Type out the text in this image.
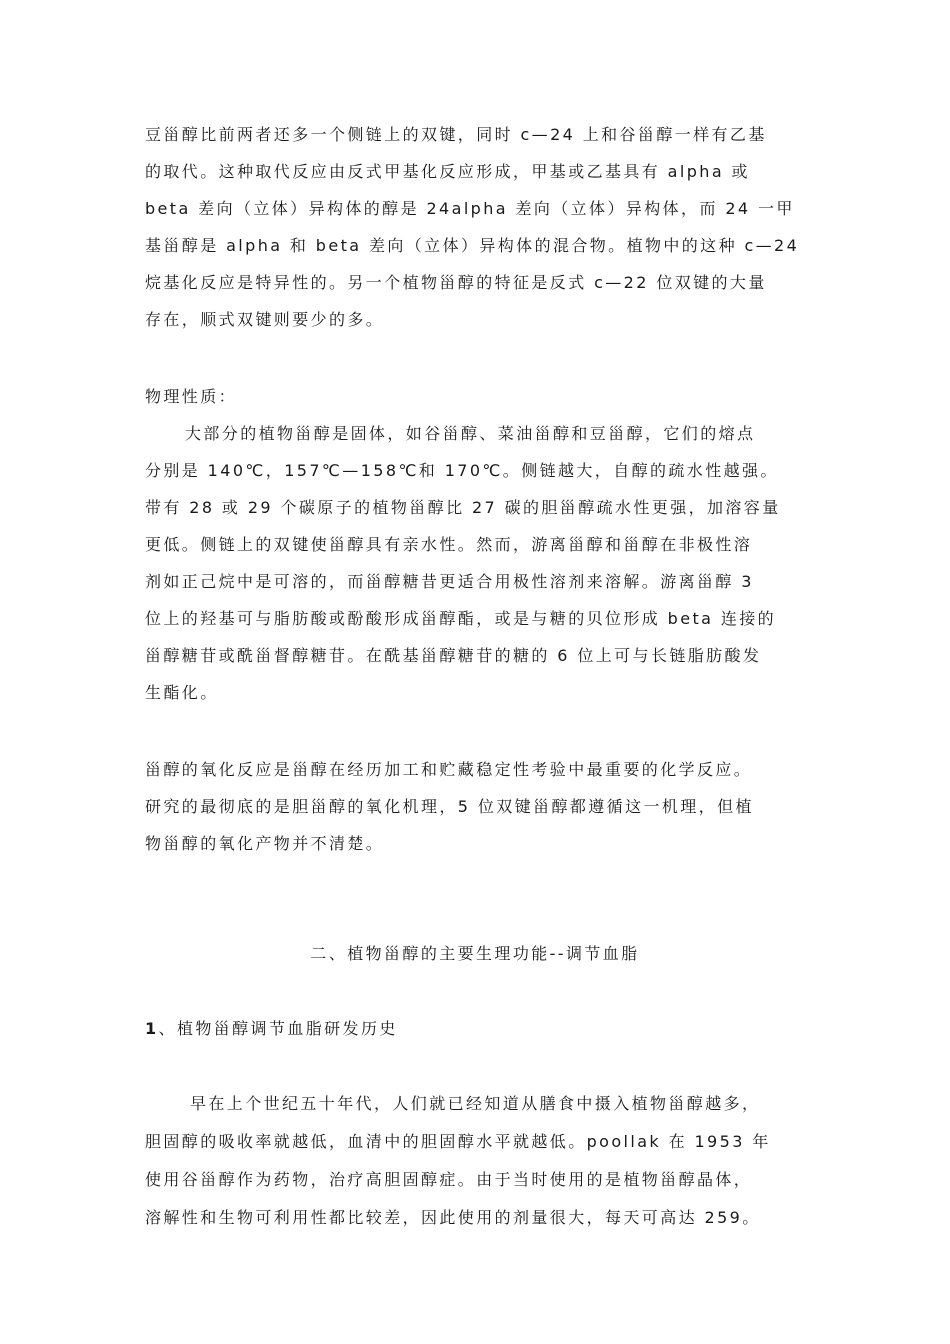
豆甾醇比前两者还多一个侧链上的双键，同时 c—24 上和谷甾醇一样有乙基
的取代。这种取代反应由反式甲基化反应形成，甲基或乙基具有 alpha 或
beta 差向（立体）异构体的醇是 24alpha 差向（立体）异构体，而 24 一甲
基甾醇是 alpha 和 beta 差向（立体）异构体的混合物。植物中的这种 c—24
烷基化反应是特异性的。另一个植物甾醇的特征是反式 c—22 位双键的大量
存在，顺式双键则要少的多。
物理性质：
大部分的植物甾醇是固体，如谷甾醇、菜油甾醇和豆甾醇，它们的熔点
分别是 140℃，157℃—158℃和 170℃。侧链越大，自醇的疏水性越强。
带有 28 或 29 个碳原子的植物甾醇比 27 碳的胆甾醇疏水性更强，加溶容量
更低。侧链上的双键使甾醇具有亲水性。然而，游离甾醇和甾醇在非极性溶
剂如正己烷中是可溶的，而甾醇糖昔更适合用极性溶剂来溶解。游离甾醇 3
位上的羟基可与脂肪酸或酚酸形成甾醇酯，或是与糖的贝位形成 beta 连接的
甾醇糖苷或酰甾督醇糖苷。在酰基甾醇糖苷的糖的 6 位上可与长链脂肪酸发
生酯化。
甾醇的氧化反应是甾醇在经历加工和贮藏稳定性考验中最重要的化学反应。
研究的最彻底的是胆甾醇的氧化机理，5 位双键甾醇都遵循这一机理，但植
物甾醇的氧化产物并不清楚。
二、植物甾醇的主要生理功能--调节血脂
1、植物甾醇调节血脂研发历史
早在上个世纪五十年代，人们就已经知道从膳食中摄入植物甾醇越多，
胆固醇的吸收率就越低，血清中的胆固醇水平就越低。poollak 在 1953 年
使用谷甾醇作为药物，治疗高胆固醇症。由于当时使用的是植物甾醇晶体，
溶解性和生物可利用性都比较差，因此使用的剂量很大，每天可高达 259。
